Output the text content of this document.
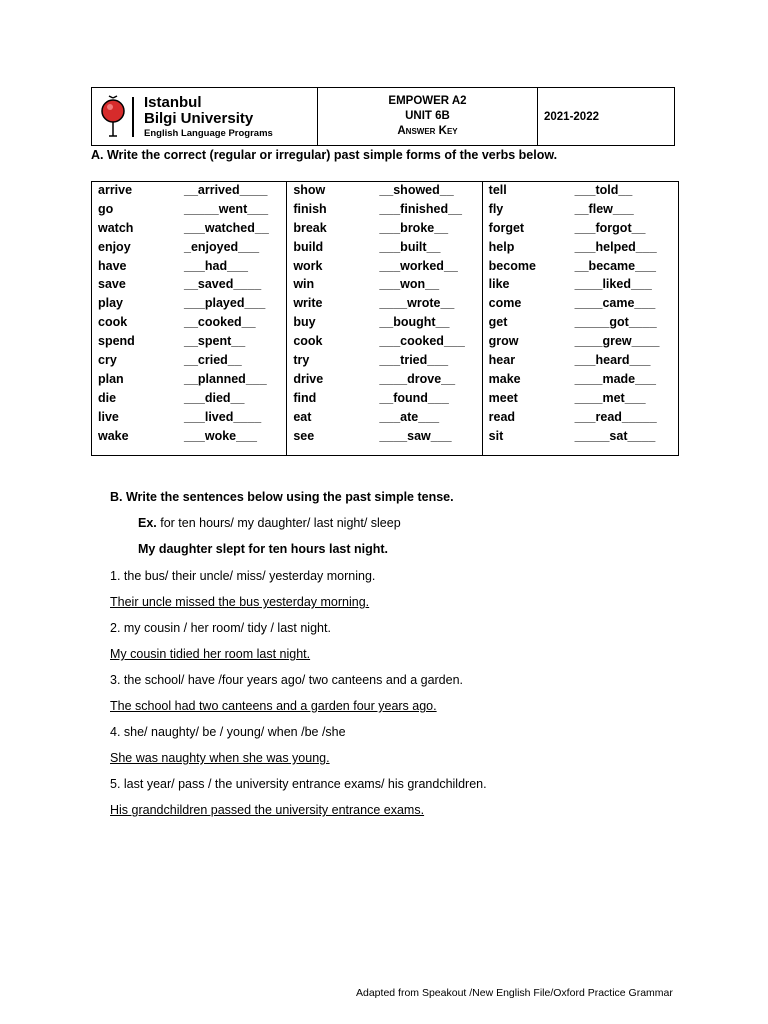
Istanbul
Bilgi University
English Language Programs
EMPOWER A2
UNIT 6B
Answer Key
2021-2022
A. Write the correct (regular or irregular) past simple forms of the verbs below.
arrive	__arrived____
go	_____went___
watch	___watched__
enjoy	_enjoyed___
have	___had___
save	__saved____
play	___played___
cook	__cooked__
spend	__spent__
cry	__cried__
plan	__planned___
die	___died__
live	___lived____
wake	___woke___
show	__showed__
finish	___finished__
break	___broke__
build	___built__
work	___worked__
win	___won__
write	____wrote__
buy	__bought__
cook	___cooked___
try	___tried___
drive	____drove__
find	__found___
eat	___ate___
see	____saw___
tell	___told__
fly	__flew___
forget	___forgot__
help	___helped___
become	__became___
like	____liked___
come	____came___
get	_____got____
grow	____grew____
hear	___heard___
make	____made___
meet	____met___
read	___read_____
sit	_____sat____
B. Write the sentences below using the past simple tense.
Ex. for ten hours/ my daughter/ last night/ sleep
My daughter slept for ten hours last night.
1. the bus/ their uncle/ miss/ yesterday morning.
Their uncle missed the bus yesterday morning.
2. my cousin / her room/ tidy / last night.
My cousin tidied her room last night.
3. the school/ have /four years ago/ two canteens and a garden.
The school had two canteens and a garden four years ago.
4. she/ naughty/ be / young/ when /be /she
She was naughty when she was young.
5. last year/ pass / the university entrance exams/ his grandchildren.
His grandchildren passed the university entrance exams.
Adapted from Speakout /New English File/Oxford Practice Grammar
